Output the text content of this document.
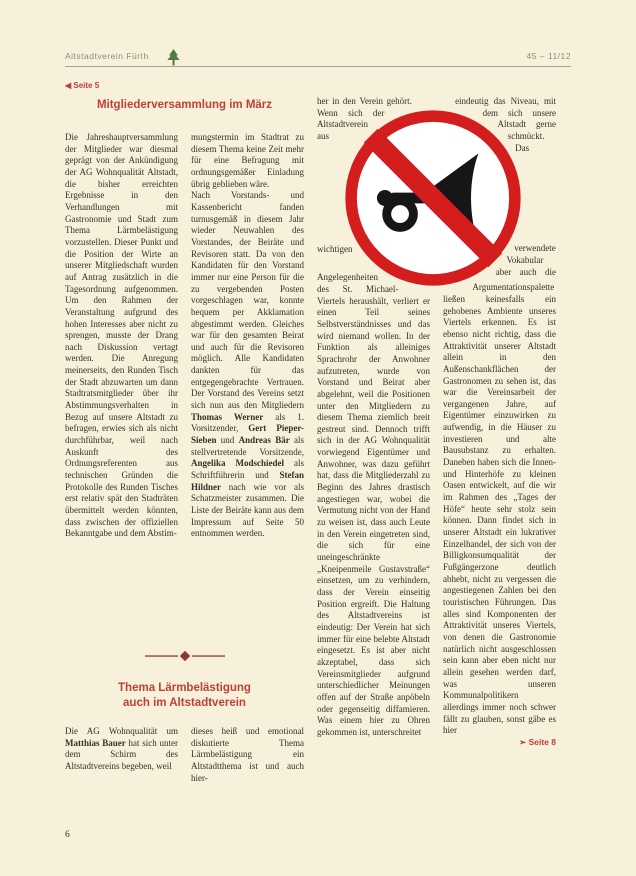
Altstadtverein Fürth	45 – 11/12
◀ Seite 5
Mitgliederversammlung im März

Die Jahreshauptversammlung der Mitglieder war diesmal geprägt von der Ankündigung der AG Wohnqualität Altstadt, die bisher erreichten Ergebnisse in den Verhandlungen mit Gastronomie und Stadt zum Thema Lärmbelästigung vorzustellen. Dieser Punkt und die Position der Wirte an unserer Mitgliedschaft wurden auf Antrag zusätzlich in die Tagesordnung aufgenommen. Um den Rahmen der Veranstaltung aufgrund des hohen Interesses aber nicht zu sprengen, musste der Drang nach Diskussion vertagt werden. Die Anregung meinerseits, den Runden Tisch der Stadt abzuwarten um dann Stadtratsmitglieder über ihr Abstimmungsverhalten in Bezug auf unsere Altstadt zu befragen, erwies sich als nicht durchführbar, weil nach Auskunft des Ordnungsreferenten aus technischen Gründen die Protokolle des Runden Tisches erst relativ spät den Stadträten übermittelt werden könnten, dass zwischen der offiziellen Bekanntgabe und dem Abstim-

mungstermin im Stadtrat zu diesem Thema keine Zeit mehr für eine Befragung mit ordnungsgemäßer Einladung übrig geblieben wäre.

Nach Vorstands- und Kassenbericht fanden turnusgemäß in diesem Jahr wieder Neuwahlen des Vorstandes, der Beiräte und Revisoren statt. Da von den Kandidaten für den Vorstand immer nur eine Person für die zu vergebenden Posten vorgeschlagen war, konnte bequem per Akklamation abgestimmt werden. Gleiches war für den gesamten Beirat und auch für die Revisoren möglich. Alle Kandidaten dankten für das entgegengebrachte Vertrauen. Der Vorstand des Vereins setzt sich nun aus den Mitgliedern Thomas Werner als 1. Vorsitzender, Gert Pieper-Sieben und Andreas Bär als stellvertretende Vorsitzende, Angelika Modschiedel als Schriftführerin und Stefan Hildner nach wie vor als Schatzmeister zusammen. Die Liste der Beiräte kann aus dem Impressum auf Seite 50 entnommen werden.

her in den Verein gehört. Wenn sich der Altstadtverein aus wichtigen Angelegenheiten des St. Michael-Viertels heraushält, verliert er einen Teil seines Selbstverständnisses und das wird niemand wollen. In der Funktion als alleiniges Sprachrohr der Anwohner aufzutreten, wurde von Vorstand und Beirat aber abgelehnt, weil die Positionen unter den Mitgliedern zu diesem Thema ziemlich breit gestreut sind. Dennoch trifft sich in der AG Wohnqualität vorwiegend Eigentümer und Anwohner, was dazu geführt hat, dass die Mitgliederzahl zu Beginn des Jahres drastisch angestiegen war, wobei die Vermutung nicht von der Hand zu weisen ist, dass auch Leute in den Verein eingetreten sind, die sich für eine uneingeschränkte „Kneipenmeile Gustavstraße“ einsetzen, um zu verhindern, dass der Verein einseitig Position ergreift. Die Haltung des Altstadtvereins ist eindeutig: Der Verein hat sich immer für eine belebte Altstadt eingesetzt. Es ist aber nicht akzeptabel, dass sich Vereinsmitglieder aufgrund unterschiedlicher Meinungen offen auf der Straße anpöbeln oder gegenseitig diffamieren. Was einem hier zu Ohren gekommen ist, unterschreitet

eindeutig das Niveau, mit dem sich unsere Altstadt gerne schmückt. Das verwendete Vokabular aber auch die Argumentationspalette ließen keinesfalls ein gehobenes Ambiente unseres Viertels erkennen. Es ist ebenso nicht richtig, dass die Attraktivität unserer Altstadt allein in den Außenschankflächen der Gastronomen zu sehen ist, das war die Vereinsarbeit der vergangenen Jahre, auf Eigentümer einzuwirken zu aufwendig, in die Häuser zu investieren und alte Bausubstanz zu erhalten. Daneben haben sich die Innen- und Hinterhöfe zu kleinen Oasen entwickelt, auf die wir im Rahmen des „Tages der Höfe“ heute sehr stolz sein können. Dann findet sich in unserer Altstadt ein lukrativer Einzelhandel, der sich von der Billigkonsumqualität der Fußgängerzone deutlich abhebt, nicht zu vergessen die angestiegenen Zahlen bei den touristischen Führungen. Das alles sind Komponenten der Attraktivität unseres Viertels, von denen die Gastronomie natürlich nicht ausgeschlossen sein kann aber eben nicht nur allein gesehen werden darf, was unseren Kommunalpolitikern allerdings immer noch schwer fällt zu glauben, sonst gäbe es hier

➢ Seite 8

Thema Lärmbelästigung
auch im Altstadtverein

Die AG Wohnqualität um Matthias Bauer hat sich unter dem Schirm des Altstadtvereins begeben, weil

dieses heiß und emotional diskutierte Thema Lärmbelästigung ein Altstadtthema ist und auch hier-

6
